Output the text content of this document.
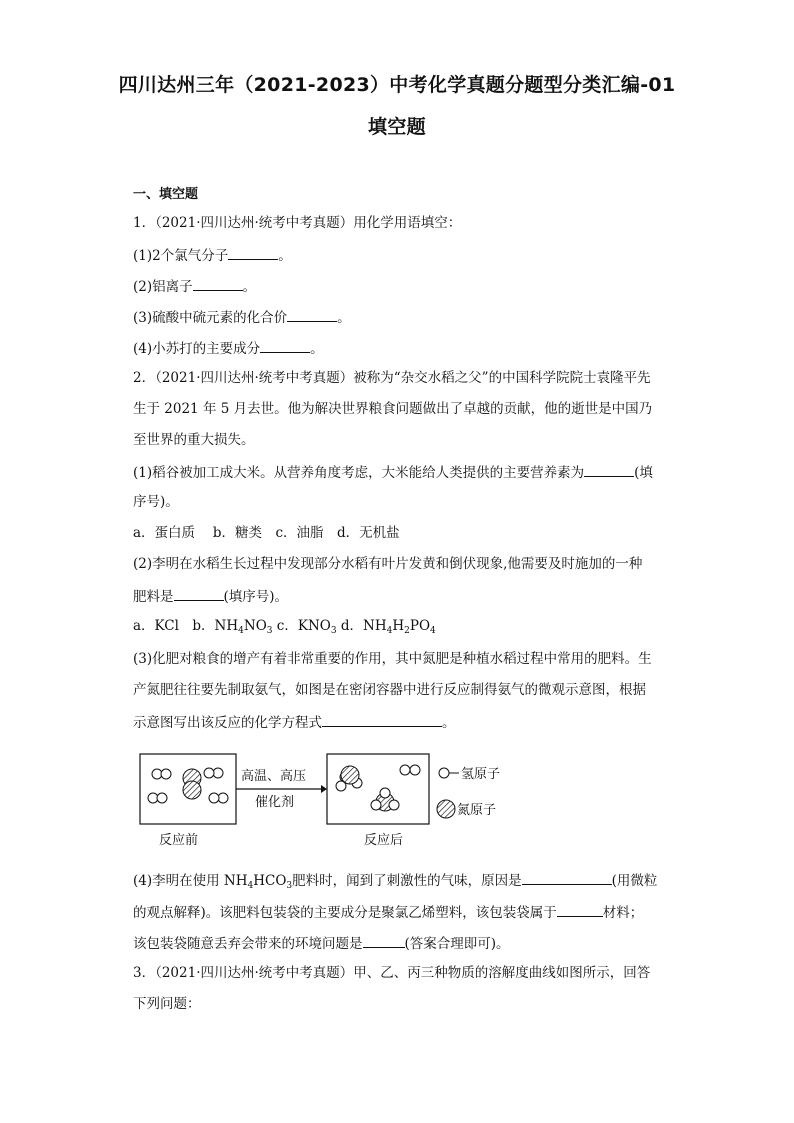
四川达州三年（2021-2023）中考化学真题分题型分类汇编-01
填空题
一、填空题
1．（2021·四川达州·统考中考真题）用化学用语填空：
(1)2个氯气分子	。
(2)铝离子	。
(3)硫酸中硫元素的化合价	。
(4)小苏打的主要成分	。
2．（2021·四川达州·统考中考真题）被称为“杂交水稻之父”的中国科学院院士袁隆平先
生于 2021 年 5 月去世。他为解决世界粮食问题做出了卓越的贡献，他的逝世是中国乃
至世界的重大损失。
(1)稻谷被加工成大米。从营养角度考虑，大米能给人类提供的主要营养素为	(填
序号)。
a．蛋白质　 b．糖类　c．油脂　d．无机盐
(2)李明在水稻生长过程中发现部分水稻有叶片发黄和倒伏现象,他需要及时施加的一种
肥料是	(填序号)。
a．KCl　b．$NH_4NO_3$ c．$KNO_3$ d．$NH_4H_2PO_4$
(3)化肥对粮食的增产有着非常重要的作用，其中氮肥是种植水稻过程中常用的肥料。生
产氮肥往往要先制取氨气，如图是在密闭容器中进行反应制得氨气的微观示意图，根据
示意图写出该反应的化学方程式	。
高温、高压
催化剂
反应前	反应后
氢原子
氮原子
(4)李明在使用 $NH_4HCO_3$肥料时，闻到了刺激性的气味，原因是	(用微粒
的观点解释)。该肥料包装袋的主要成分是聚氯乙烯塑料，该包装袋属于	材料；
该包装袋随意丢弃会带来的环境问题是	(答案合理即可)。
3．（2021·四川达州·统考中考真题）甲、乙、丙三种物质的溶解度曲线如图所示，回答
下列问题：
